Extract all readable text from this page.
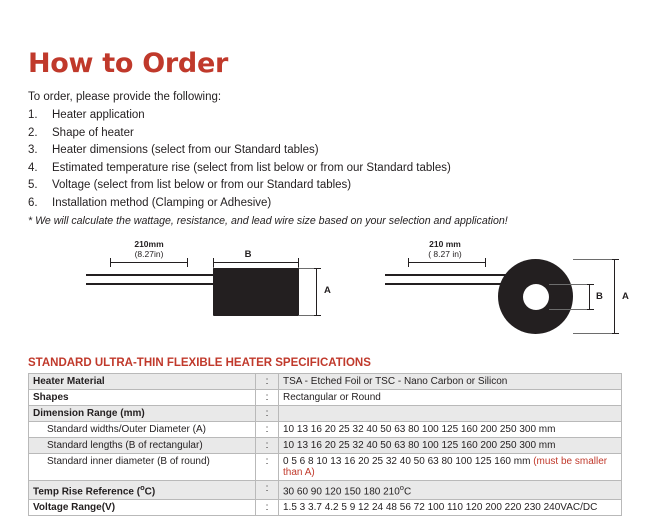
How to Order
To order, please provide the following:
1.	Heater application
2.	Shape of heater
3.	Heater dimensions (select from our Standard tables)
4.	Estimated temperature rise (select from list below or from our Standard tables)
5.	Voltage (select from list below or from our Standard tables)
6.	Installation method (Clamping or Adhesive)
* We will calculate the wattage, resistance, and lead wire size based on your selection and application!
210mm
(8.27in)	B
A
210 mm
( 8.27 in)
B A
STANDARD ULTRA-THIN FLEXIBLE HEATER SPECIFICATIONS
Heater Material	:	TSA - Etched Foil or TSC - Nano Carbon or Silicon
Shapes	:	Rectangular or Round
Dimension Range (mm)	:	
Standard widths/Outer Diameter (A)	:	10 13 16 20 25 32 40 50 63 80 100 125 160 200 250 300 mm
Standard lengths (B of rectangular)	:	10 13 16 20 25 32 40 50 63 80 100 125 160 200 250 300 mm
Standard inner diameter (B of round)	:	0 5 6 8 10 13 16 20 25 32 40 50 63 80 100 125 160 mm (must be smaller than A)
Temp Rise Reference ($^o$C)	:	30 60 90 120 150 180 210$^o$C
Voltage Range(V)	:	1.5 3 3.7 4.2 5 9 12 24 48 56 72 100 110 120 200 220 230 240VAC/DC
